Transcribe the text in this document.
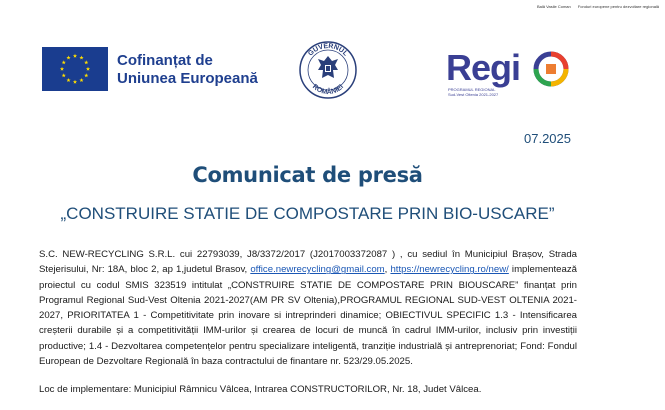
Cofinanțat de
Uniunea Europeană
GUVERNUL
ROMÂNIEI
Bală Vasile Coman Fonduri europene pentru dezvoltare regională
Regi
PROGRAMUL REGIONAL
Sud-Vest Oltenia 2021-2027
07.2025
Comunicat de presă
„CONSTRUIRE STATIE DE COMPOSTARE PRIN BIO-USCARE”
S.C. NEW-RECYCLING S.R.L. cui 22793039, J8/3372/2017 (J2017003372087 ) , cu sediul în Municipiul Brașov, Strada Stejerisului, Nr: 18A, bloc 2, ap 1,judetul Brasov, office.newrecycling@gmail.com, https://newrecycling.ro/new/ implementează proiectul cu codul SMIS 323519 intitulat „CONSTRUIRE STATIE DE COMPOSTARE PRIN BIOUSCARE” finanțat prin Programul Regional Sud-Vest Oltenia 2021-2027(AM PR SV Oltenia),PROGRAMUL REGIONAL SUD-VEST OLTENIA 2021-2027, PRIORITATEA 1 - Competitivitate prin inovare si intreprinderi dinamice; OBIECTIVUL SPECIFIC 1.3 - Intensificarea creșterii durabile și a competitivității IMM-urilor și crearea de locuri de muncă în cadrul IMM-urilor, inclusiv prin investiții productive; 1.4 - Dezvoltarea competențelor pentru specializare inteligentă, tranziție industrială și antreprenoriat; Fond: Fondul European de Dezvoltare Regională în baza contractului de finantare nr. 523/29.05.2025.
Loc de implementare: Municipiul Râmnicu Vâlcea, Intrarea CONSTRUCTORILOR, Nr. 18, Judet Vâlcea.
